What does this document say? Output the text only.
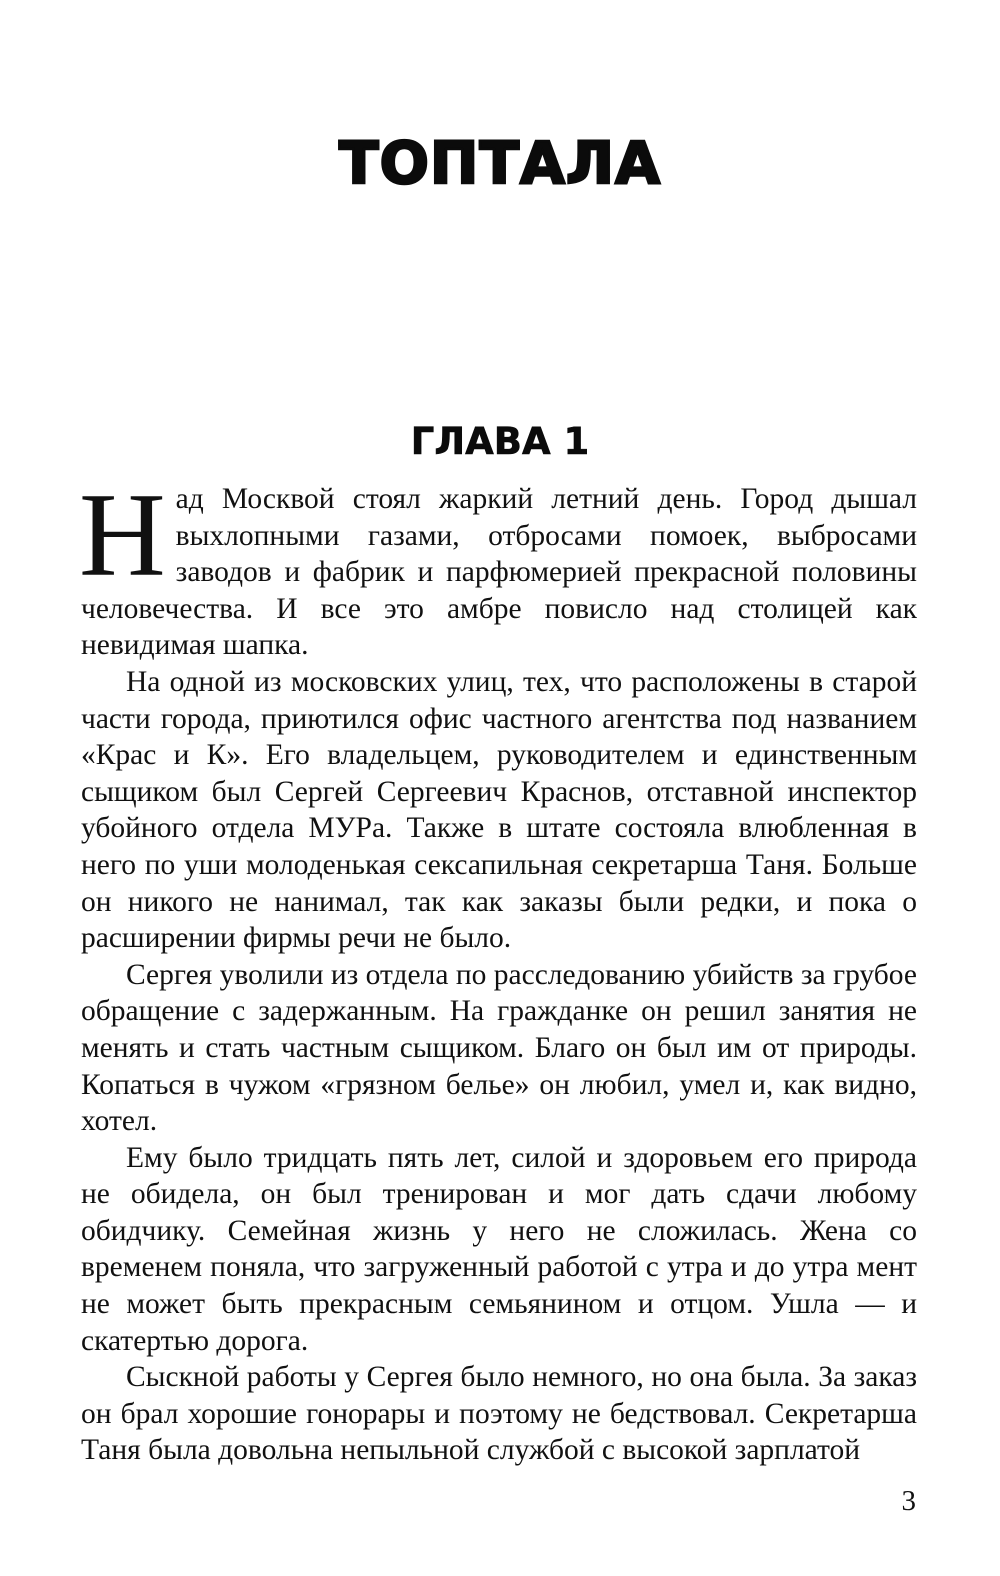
ТОПТАЛА
ГЛАВА 1

Над Москвой стоял жаркий летний день. Город дышал выхлопными газами, отбросами помоек, выбросами заводов и фабрик и парфюмерией прекрасной половины человечества. И все это амбре повисло над столицей как невидимая шапка.

На одной из московских улиц, тех, что расположены в старой части города, приютился офис частного агентства под названием «Крас и К». Его владельцем, руководителем и единственным сыщиком был Сергей Сергеевич Краснов, отставной инспектор убойного отдела МУРа. Также в штате состояла влюбленная в него по уши молоденькая сексапильная секретарша Таня. Больше он никого не нанимал, так как заказы были редки, и пока о расширении фирмы речи не было.

Сергея уволили из отдела по расследованию убийств за грубое обращение с задержанным. На гражданке он решил занятия не менять и стать частным сыщиком. Благо он был им от природы. Копаться в чужом «грязном белье» он любил, умел и, как видно, хотел.

Ему было тридцать пять лет, силой и здоровьем его природа не обидела, он был тренирован и мог дать сдачи любому обидчику. Семейная жизнь у него не сложилась. Жена со временем поняла, что загруженный работой с утра и до утра мент не может быть прекрасным семьянином и отцом. Ушла — и скатертью дорога.

Сыскной работы у Сергея было немного, но она была. За заказ он брал хорошие гонорары и поэтому не бедствовал. Секретарша Таня была довольна непыльной службой с высокой зарплатой

3
